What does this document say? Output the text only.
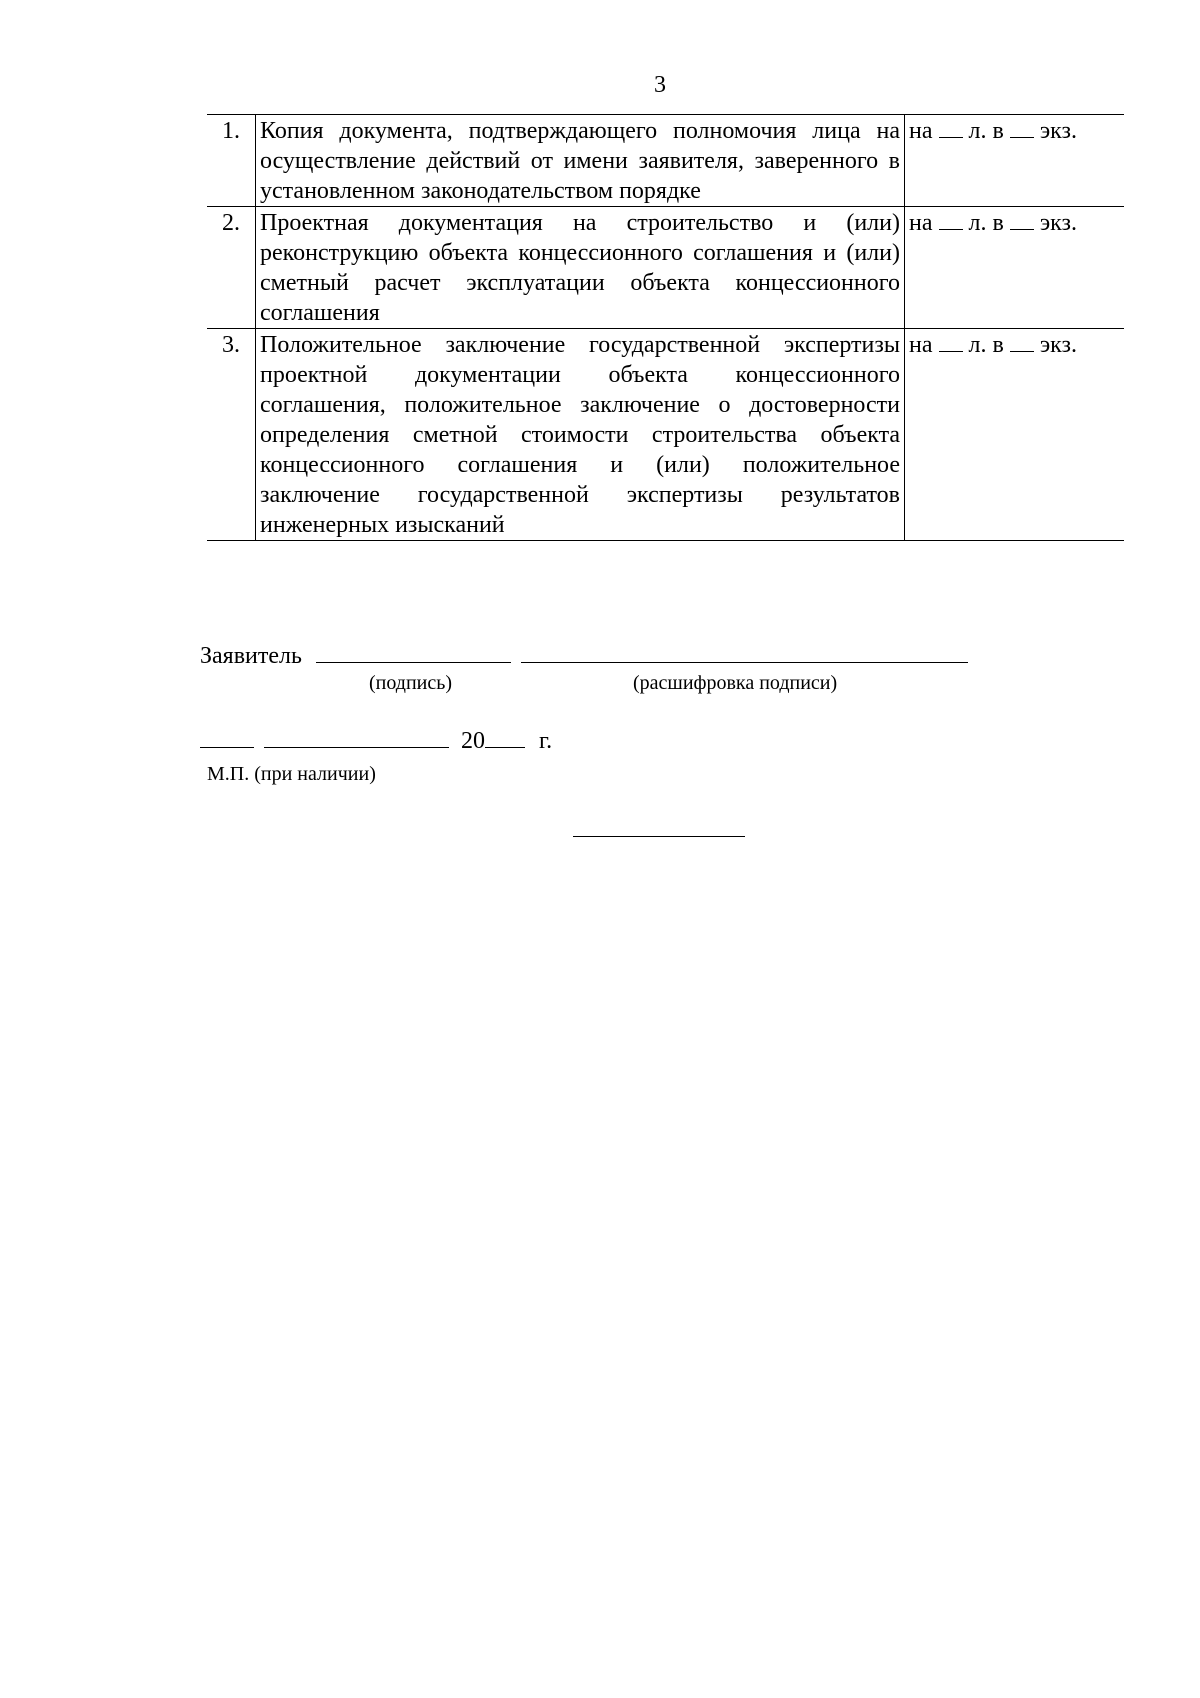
3
1.	Копия документа, подтверждающего полномочия лица на осуществление действий от имени заявителя, заверенного в установленном законодательством порядке	на л. в экз.
2.	Проектная документация на строительство и (или) реконструкцию объекта концессионного соглашения и (или) сметный расчет эксплуатации объекта концессионного соглашения	на л. в экз.
3.	Положительное заключение государственной экспертизы проектной документации объекта концессионного соглашения, положительное заключение о достоверности определения сметной стоимости строительства объекта концессионного соглашения и (или) положительное заключение государственной экспертизы результатов инженерных изысканий	на л. в экз.
Заявитель
(подпись)	(расшифровка подписи)
20 г.
М.П. (при наличии)
